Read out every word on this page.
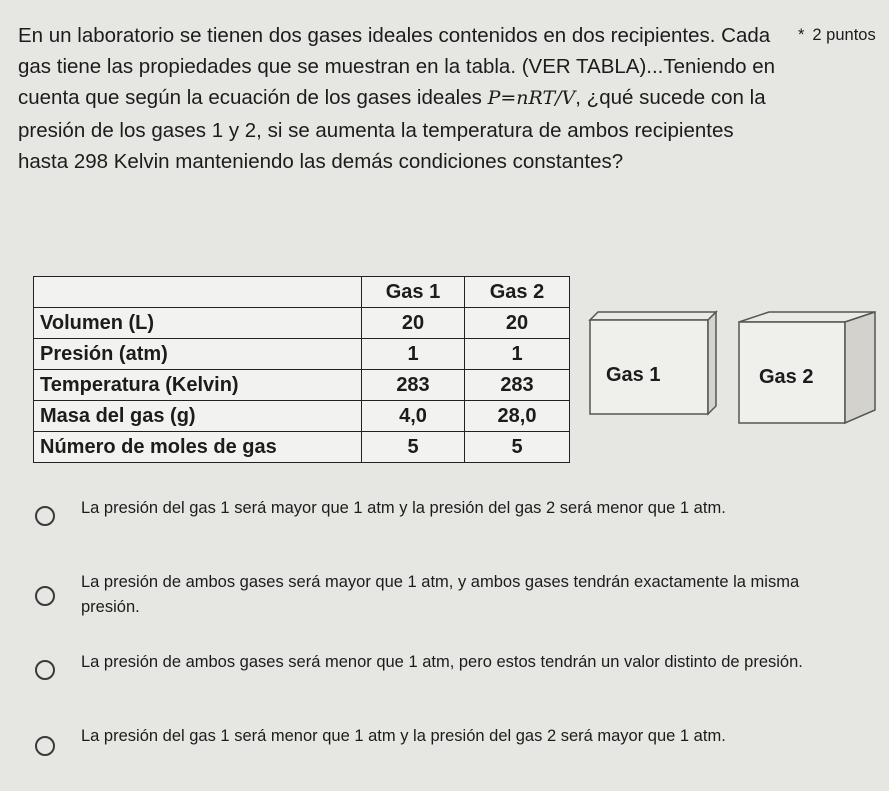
En un laboratorio se tienen dos gases ideales contenidos en dos recipientes. Cada gas tiene las propiedades que se muestran en la tabla. (VER TABLA)...Teniendo en cuenta que según la ecuación de los gases ideales P=nRT/V, ¿qué sucede con la presión de los gases 1 y 2, si se aumenta la temperatura de ambos recipientes hasta 298 Kelvin manteniendo las demás condiciones constantes?
* 2 puntos
	Gas 1	Gas 2
Volumen (L)	20	20
Presión (atm)	1	1
Temperatura (Kelvin)	283	283
Masa del gas (g)	4,0	28,0
Número de moles de gas	5	5
Gas 1	Gas 2
La presión del gas 1 será mayor que 1 atm y la presión del gas 2 será menor que 1 atm.
La presión de ambos gases será mayor que 1 atm, y ambos gases tendrán exactamente la misma presión.
La presión de ambos gases será menor que 1 atm, pero estos tendrán un valor distinto de presión.
La presión del gas 1 será menor que 1 atm y la presión del gas 2 será mayor que 1 atm.
